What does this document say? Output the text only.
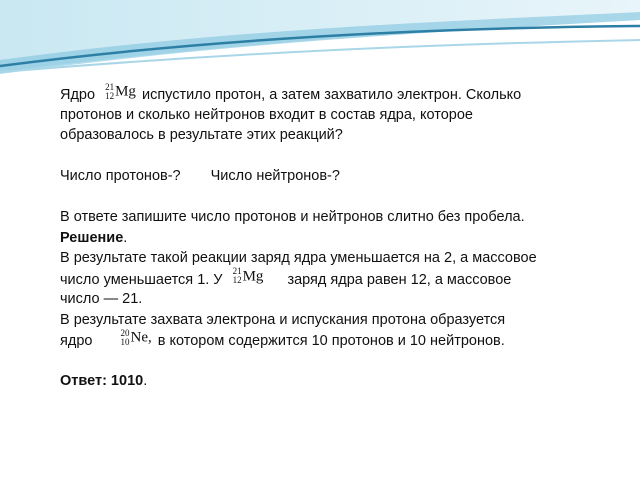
Ядро
21
12 Mg испустило протон, а затем захватило электрон. Сколько
протонов и сколько нейтронов входит в состав ядра, которое
образовалось в результате этих реакций?
Число протонов-? Число нейтронов-?
В ответе запишите число протонов и нейтронов слитно без пробела.
Решение.
В результате такой реакции заряд ядра уменьшается на 2, а массовое
число уменьшается 1. У
21
12 Mg заряд ядра равен 12, а массовое
число — 21.
В результате захвата электрона и испускания протона образуется
ядро
20
10 Ne, в котором содержится 10 протонов и 10 нейтронов.
Ответ: 1010.
